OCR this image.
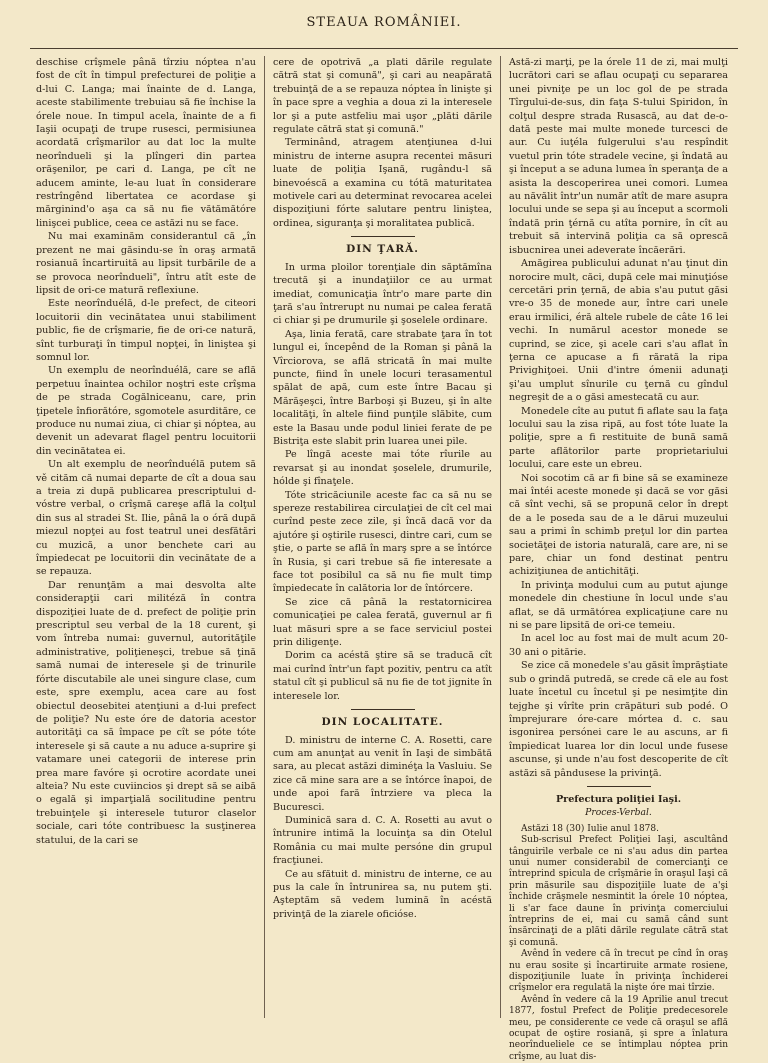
STEAUA ROMÂNIEI.

deschise crîşmele până tîrziu nóptea n'au fost de cît în timpul prefecturei de poliţie a d-lui C. Langa; mai înainte de d. Langa, aceste stabilimente trebuiau să fie închise la órele noue. In timpul acela, înainte de a fi Iaşii ocupaţi de trupe rusesci, permisiunea acordată crîşmarilor au dat loc la multe neorîndueli şi la plîngeri din partea orăşenilor, pe cari d. Langa, pe cît ne aducem aminte, le-au luat în considerare restrîngênd libertatea ce acordase şi mărginind'o aşa ca să nu fie vătămătóre linişcei publice, ceea ce astăzi nu se face.

Nu mai examinăm considerantul că „în prezent ne mai găsindu-se în oraş armată rosianuă încartiruită au lipsit turbările de a se provoca neorîndueli", întru atît este de lipsit de ori-ce matură reflexiune.

Este neorînduélă, d-le prefect, de citeori locuitorii din vecinătatea unui stabiliment public, fie de crîşmarie, fie de ori-ce natură, sînt turburaţi în timpul nopţei, în liniştea şi somnul lor.

Un exemplu de neorînduélă, care se află perpetuu înaintea ochilor noştri este crîşma de pe strada Cogălniceanu, care, prin ţipetele înfiorătóre, sgomotele asurdităre, ce produce nu numai ziua, ci chiar şi nóptea, au devenit un adevarat flagel pentru locuitorii din vecinătatea ei.

Un alt exemplu de neorînduélă putem să vě cităm că numai departe de cît a doua sau a treia zi după publicarea prescriptului d-vóstre verbal, o crîşmă careşe află la colţul din sus al stradei St. Ilie, până la o óră după miezul nopţei au fost teatrul unei desfătări cu muzică, a unor benchete cari au împiedecat pe locuitorii din vecinătate de a se repauza.

Dar renunţăm a mai desvolta alte considerapţii cari militéză în contra dispoziţiei luate de d. prefect de poliţie prin prescriptul seu verbal de la 18 curent, şi vom întreba numai: guvernul, autorităţile administrative, poliţieneşci, trebue să ţină samă numai de interesele şi de trinurile fórte discutabile ale unei singure clase, cum este, spre exemplu, acea care au fost obiectul deosebitei atenţiuni a d-lui prefect de poliţie? Nu este óre de datoria acestor autorităţi ca să împace pe cît se póte tóte interesele şi să caute a nu aduce a-suprire şi vatamare unei categorii de interese prin prea mare favóre şi ocrotire acordate unei alteia? Nu este cuviincios şi drept să se aibă o egală şi imparţială socilitudine pentru trebuinţele şi interesele tuturor claselor sociale, cari tóte contribuesc la susţinerea statului, de la cari se

cere de opotrivă „a plati dările regulate cătră stat şi comună", şi cari au neapărată trebuinţă de a se repauza nóptea în linişte şi în pace spre a veghia a doua zi la interesele lor şi a pute astfeliu mai uşor „plăti dările regulate cătră stat şi comună."

Terminând, atragem atenţiunea d-lui ministru de interne asupra recentei măsuri luate de poliţia Işană, rugându-l să binevoéscă a examina cu tótă maturitatea motivele cari au determinat revocarea acelei dispoziţiuni fórte salutare pentru liniştea, ordinea, siguranţa şi moralitatea publică.

DIN ŢARĂ.

In urma ploilor torenţiale din săptămîna trecută şi a inundaţiilor ce au urmat imediat, comunicaţia într'o mare parte din ţară s'au întrerupt nu numai pe calea ferată ci chiar şi pe drumurile şi şoselele ordinare.

Aşa, linia ferată, care strabate ţara în tot lungul ei, începênd de la Roman şi până la Vîrciorova, se află stricată în mai multe puncte, fiind în unele locuri terasamentul spălat de apă, cum este între Bacau şi Mărăşeşci, între Barboşi şi Buzeu, şi în alte localităţi, în altele fiind punţile slăbite, cum este la Basau unde podul liniei ferate de pe Bistriţa este slabit prin luarea unei pile.

Pe lîngă aceste mai tóte rîurile au revarsat şi au inondat şoselele, drumurile, hólde şi fînaţele.

Tóte stricăciunile aceste fac ca să nu se spereze restabilirea circulaţiei de cît cel mai curînd peste zece zile, şi încă dacă vor da ajutóre şi oştirile rusesci, dintre cari, cum se ştie, o parte se află în marş spre a se întórce în Rusia, şi cari trebue să fie interesate a face tot posibilul ca să nu fie mult timp împiedecate în calătoria lor de întórcere.

Se zice că până la restatornicirea comunicaţiei pe calea ferată, guvernul ar fi luat măsuri spre a se face serviciul postei prin diligenţe.

Dorim ca acéstă ştire să se traducă cît mai curînd într'un fapt pozitiv, pentru ca atît statul cît şi publicul să nu fie de tot jignite în interesele lor.

DIN LOCALITATE.

D. ministru de interne C. A. Rosetti, care cum am anunţat au venit în Iaşi de simbătă sara, au plecat astăzi diminéţa la Vasluiu. Se zice că mine sara are a se întórce înapoi, de unde apoi fară întrziere va pleca la Bucuresci.

Duminică sara d. C. A. Rosetti au avut o întrunire intimă la locuinţa sa din Otelul România cu mai multe persóne din grupul fracţiunei.

Ce au sfătuit d. ministru de interne, ce au pus la cale în întrunirea sa, nu putem şti. Aşteptăm să vedem lumină în acéstă privinţă de la ziarele oficióse.

Astă-zi marţi, pe la órele 11 de zi, mai mulţi lucrători cari se aflau ocupaţi cu separarea unei pivniţe pe un loc gol de pe strada Tîrgului-de-sus, din faţa S-tului Spiridon, în colţul despre strada Rusască, au dat de-o-dată peste mai multe monede turcesci de aur. Cu iuţéla fulgerului s'au respîndit vuetul prin tóte stradele vecine, şi îndată au şi început a se aduna lumea în speranţa de a asista la descoperirea unei comori. Lumea au năvălit într'un număr atît de mare asupra locului unde se sepa şi au început a scormoli îndată prin ţérnă cu atîta pornire, în cît au trebuit să intervină poliţia ca să oprescă isbucnirea unei adeverate încăerări.

Amăgirea publicului adunat n'au ţinut din norocire mult, căci, după cele mai minuţióse cercetări prin ţernă, de abia s'au putut găsi vre-o 35 de monede aur, între cari unele erau irmilici, éră altele rubele de câte 16 lei vechi. In numărul acestor monede se cuprind, se zice, şi acele cari s'au aflat în ţerna ce apucase a fi rărată la ripa Privighiţoei. Unii d'intre ómenii adunaţi şi'au umplut sînurile cu ţernă cu gîndul negreşit de a o găsi amestecată cu aur.

Monedele cîte au putut fi aflate sau la faţa locului sau la zisa ripă, au fost tóte luate la poliţie, spre a fi restituite de bună samă parte aflătorilor parte proprietariului locului, care este un ebreu.

Noi socotim că ar fi bine să se examineze mai întéi aceste monede şi dacă se vor găsi că sînt vechi, să se propună celor în drept de a le poseda sau de a le dărui muzeului sau a primi în schimb preţul lor din partea societăţei de istoria naturală, care are, ni se pare, chiar un fond destinat pentru achiziţiunea de antichităţi.

In privinţa modului cum au putut ajunge monedele din chestiune în locul unde s'au aflat, se dă următórea explicaţiune care nu ni se pare lipsită de ori-ce temeiu.

In acel loc au fost mai de mult acum 20-30 ani o pitărie.

Se zice că monedele s'au găsit împrăştiate sub o grindă putredă, se crede că ele au fost luate încetul cu încetul şi pe nesimţite din tejghe şi vîrîte prin crăpături sub podé. O împrejurare óre-care mórtea d. c. sau isgonirea persónei care le au ascuns, ar fi împiedicat luarea lor din locul unde fusese ascunse, şi unde n'au fost descoperite de cît astăzi să pândusese la privinţă.

Prefectura poliţiei Iaşi.
Proces-Verbal.

Astăzi 18 (30) Iulie anul 1878.

Sub-scrisul Prefect Poliţiei Iaşi, ascultând tânguirile verbale ce ni s'au adus din partea unui numer considerabil de comercianţi ce întreprind spicula de crîşmărie în oraşul Iaşi că prin măsurile sau dispoziţiile luate de a'şi închide crăşmele nesmintit la órele 10 nóptea, li s'ar face daune în privinţa comerciului întreprins de ei, mai cu samă când sunt însărcinaţi de a plăti dările regulate cătră stat şi comună.

Avênd în vedere că în trecut pe cînd în oraş nu erau sosite şi încartiruite armate rosiene, dispoziţiunile luate în privinţa închiderei crîşmelor era regulată la nişte óre mai tîrzie.

Avênd în vedere că la 19 Aprilie anul trecut 1877, fostul Prefect de Poliţie predecesorele meu, pe considerente ce vede că oraşul se află ocupat de oştire rosiană, şi spre a înlatura neorîndueliele ce se întimplau nóptea prin crîşme, au luat dis-
